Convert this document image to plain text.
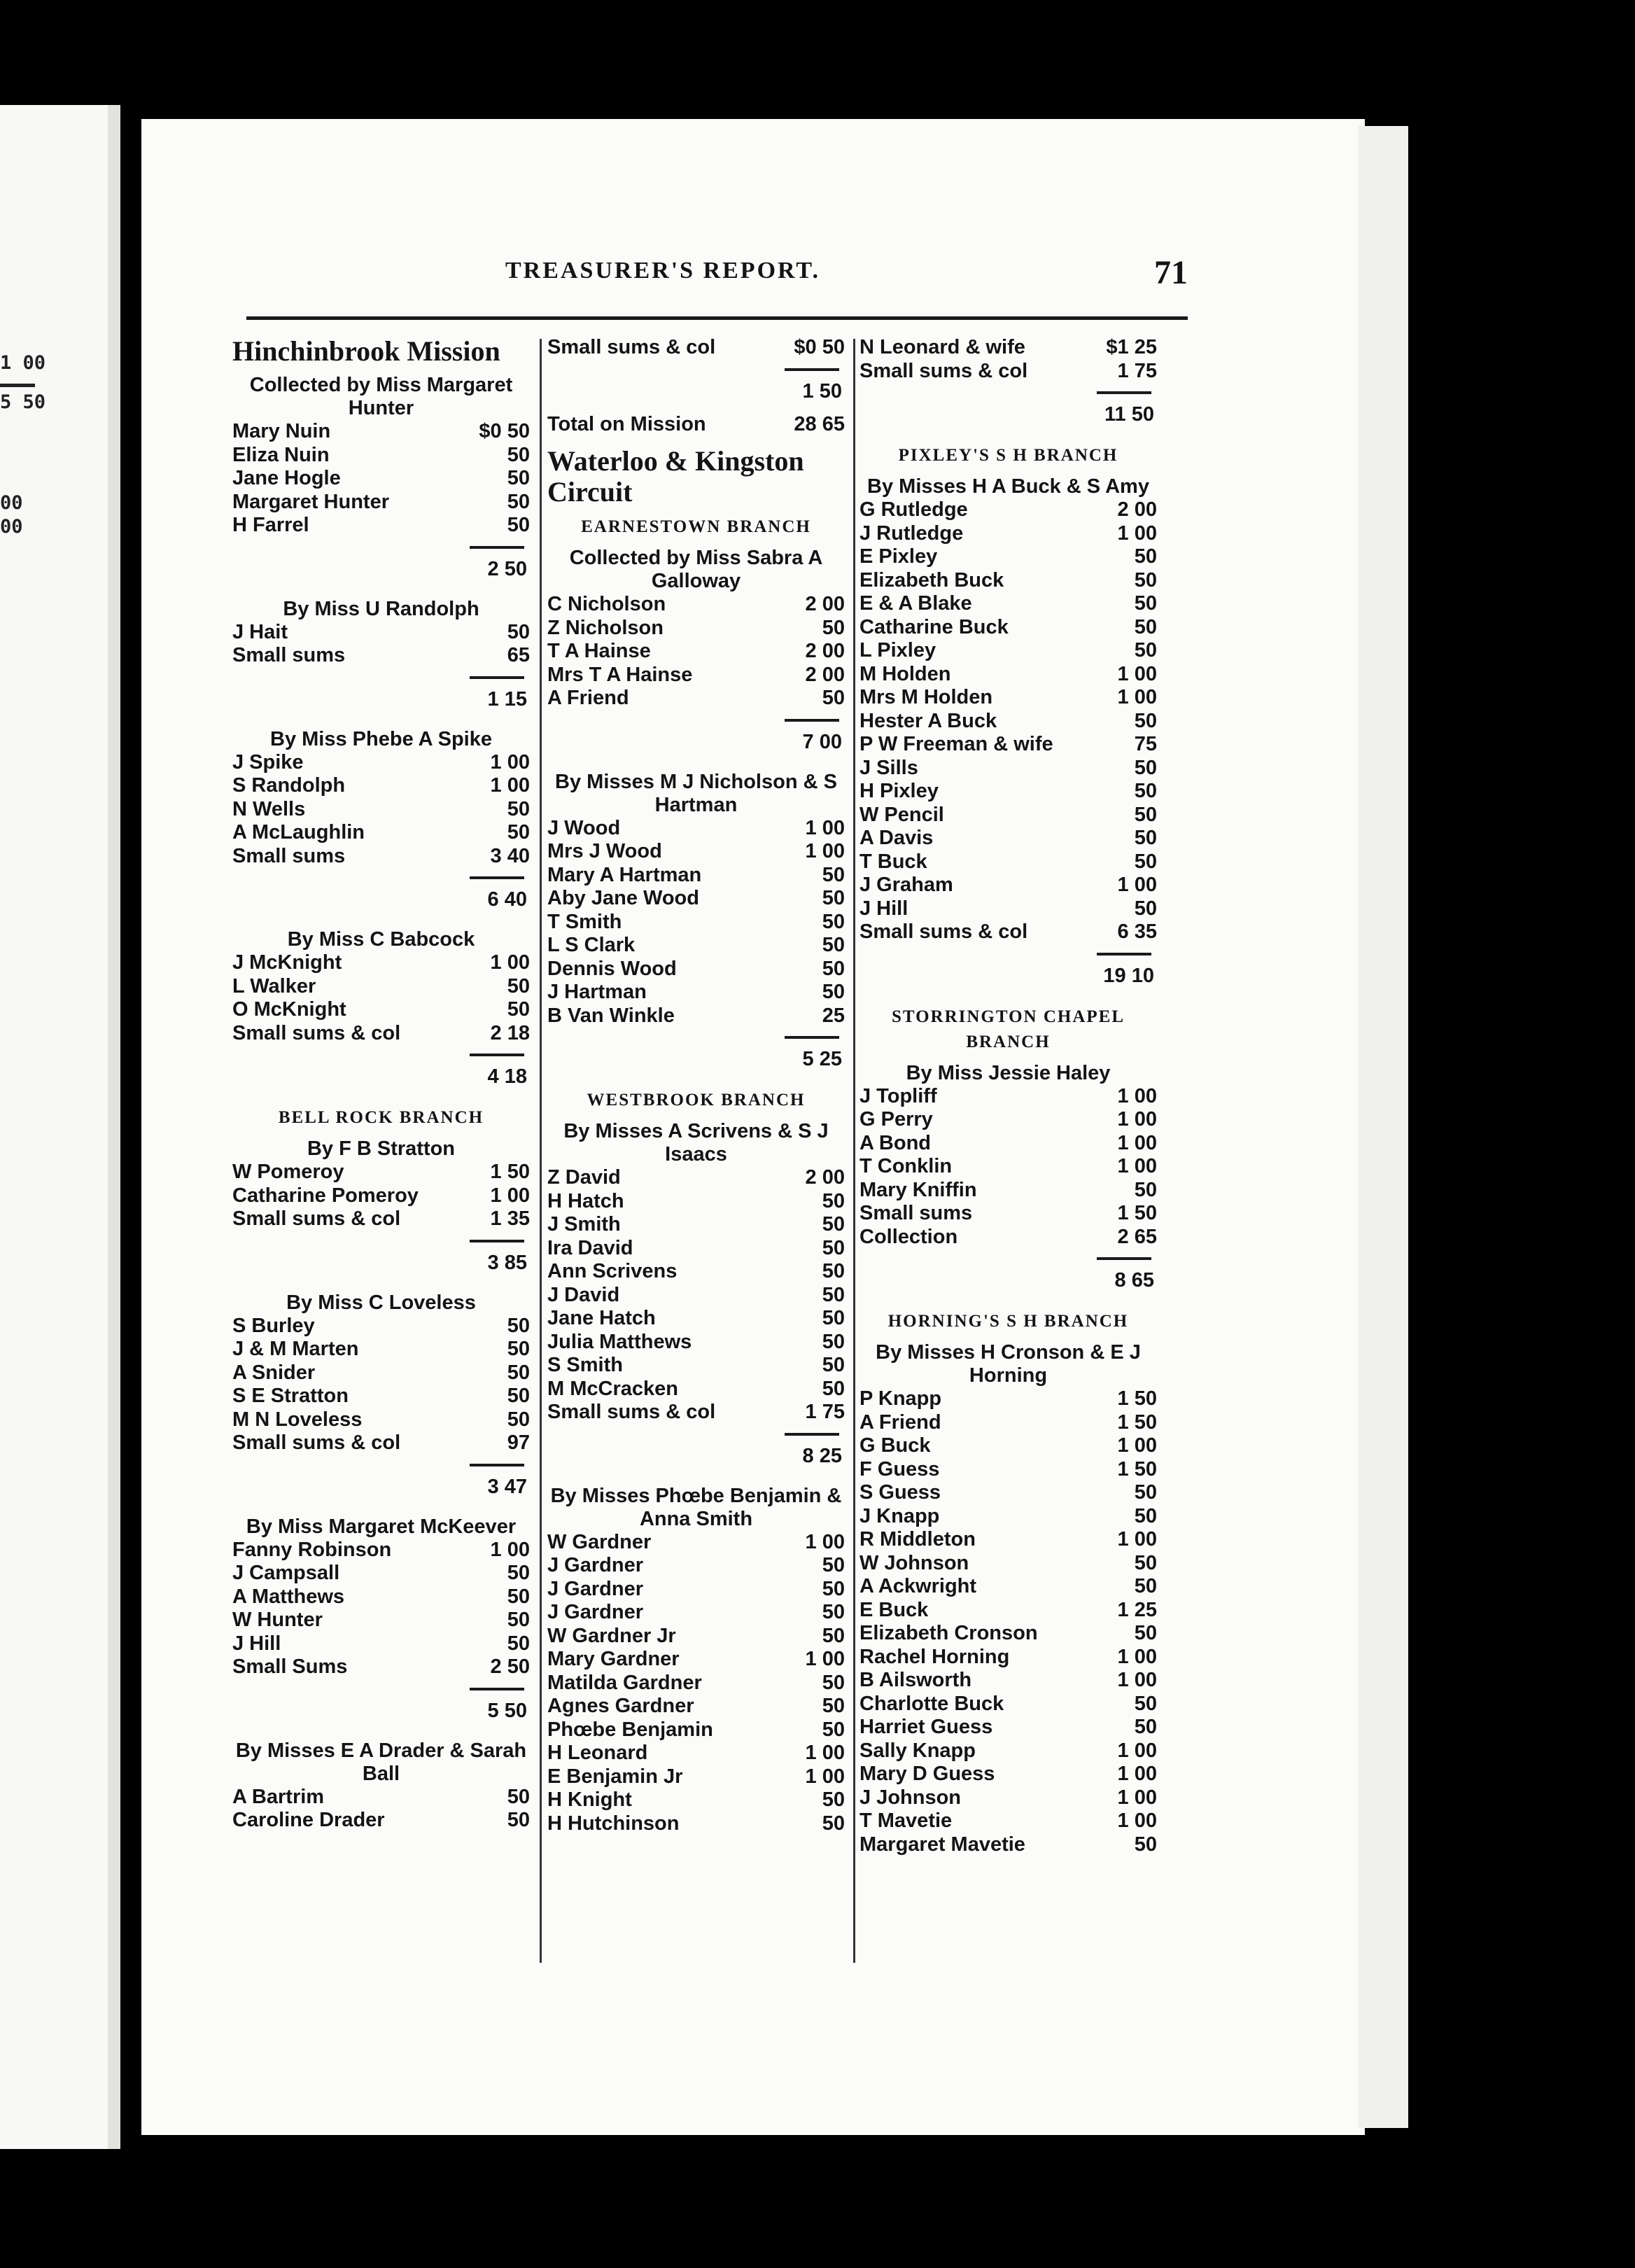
1 00
5 50
00
00
TREASURER'S REPORT.	71
Hinchinbrook Mission
Collected by Miss Margaret Hunter
Mary Nuin	$0 50
Eliza Nuin	50
Jane Hogle	50
Margaret Hunter	50
H Farrel	50
2 50
By Miss U Randolph
J Hait	50
Small sums	65
1 15
By Miss Phebe A Spike
J Spike	1 00
S Randolph	1 00
N Wells	50
A McLaughlin	50
Small sums	3 40
6 40
By Miss C Babcock
J McKnight	1 00
L Walker	50
O McKnight	50
Small sums & col	2 18
4 18
BELL ROCK BRANCH
By F B Stratton
W Pomeroy	1 50
Catharine Pomeroy	1 00
Small sums & col	1 35
3 85
By Miss C Loveless
S Burley	50
J & M Marten	50
A Snider	50
S E Stratton	50
M N Loveless	50
Small sums & col	97
3 47
By Miss Margaret McKeever
Fanny Robinson	1 00
J Campsall	50
A Matthews	50
W Hunter	50
J Hill	50
Small Sums	2 50
5 50
By Misses E A Drader & Sarah Ball
A Bartrim	50
Caroline Drader	50
Small sums & col	$0 50
1 50
Total on Mission	28 65
Waterloo & Kingston Circuit
EARNESTOWN BRANCH
Collected by Miss Sabra A Galloway
C Nicholson	2 00
Z Nicholson	50
T A Hainse	2 00
Mrs T A Hainse	2 00
A Friend	50
7 00
By Misses M J Nicholson & S Hartman
J Wood	1 00
Mrs J Wood	1 00
Mary A Hartman	50
Aby Jane Wood	50
T Smith	50
L S Clark	50
Dennis Wood	50
J Hartman	50
B Van Winkle	25
5 25
WESTBROOK BRANCH
By Misses A Scrivens & S J Isaacs
Z David	2 00
H Hatch	50
J Smith	50
Ira David	50
Ann Scrivens	50
J David	50
Jane Hatch	50
Julia Matthews	50
S Smith	50
M McCracken	50
Small sums & col	1 75
8 25
By Misses Phœbe Benjamin & Anna Smith
W Gardner	1 00
J Gardner	50
J Gardner	50
J Gardner	50
W Gardner Jr	50
Mary Gardner	1 00
Matilda Gardner	50
Agnes Gardner	50
Phœbe Benjamin	50
H Leonard	1 00
E Benjamin Jr	1 00
H Knight	50
H Hutchinson	50
N Leonard & wife	$1 25
Small sums & col	1 75
11 50
PIXLEY'S S H BRANCH
By Misses H A Buck & S Amy
G Rutledge	2 00
J Rutledge	1 00
E Pixley	50
Elizabeth Buck	50
E & A Blake	50
Catharine Buck	50
L Pixley	50
M Holden	1 00
Mrs M Holden	1 00
Hester A Buck	50
P W Freeman & wife	75
J Sills	50
H Pixley	50
W Pencil	50
A Davis	50
T Buck	50
J Graham	1 00
J Hill	50
Small sums & col	6 35
19 10
STORRINGTON CHAPEL BRANCH
By Miss Jessie Haley
J Topliff	1 00
G Perry	1 00
A Bond	1 00
T Conklin	1 00
Mary Kniffin	50
Small sums	1 50
Collection	2 65
8 65
HORNING'S S H BRANCH
By Misses H Cronson & E J Horning
P Knapp	1 50
A Friend	1 50
G Buck	1 00
F Guess	1 50
S Guess	50
J Knapp	50
R Middleton	1 00
W Johnson	50
A Ackwright	50
E Buck	1 25
Elizabeth Cronson	50
Rachel Horning	1 00
B Ailsworth	1 00
Charlotte Buck	50
Harriet Guess	50
Sally Knapp	1 00
Mary D Guess	1 00
J Johnson	1 00
T Mavetie	1 00
Margaret Mavetie	50
